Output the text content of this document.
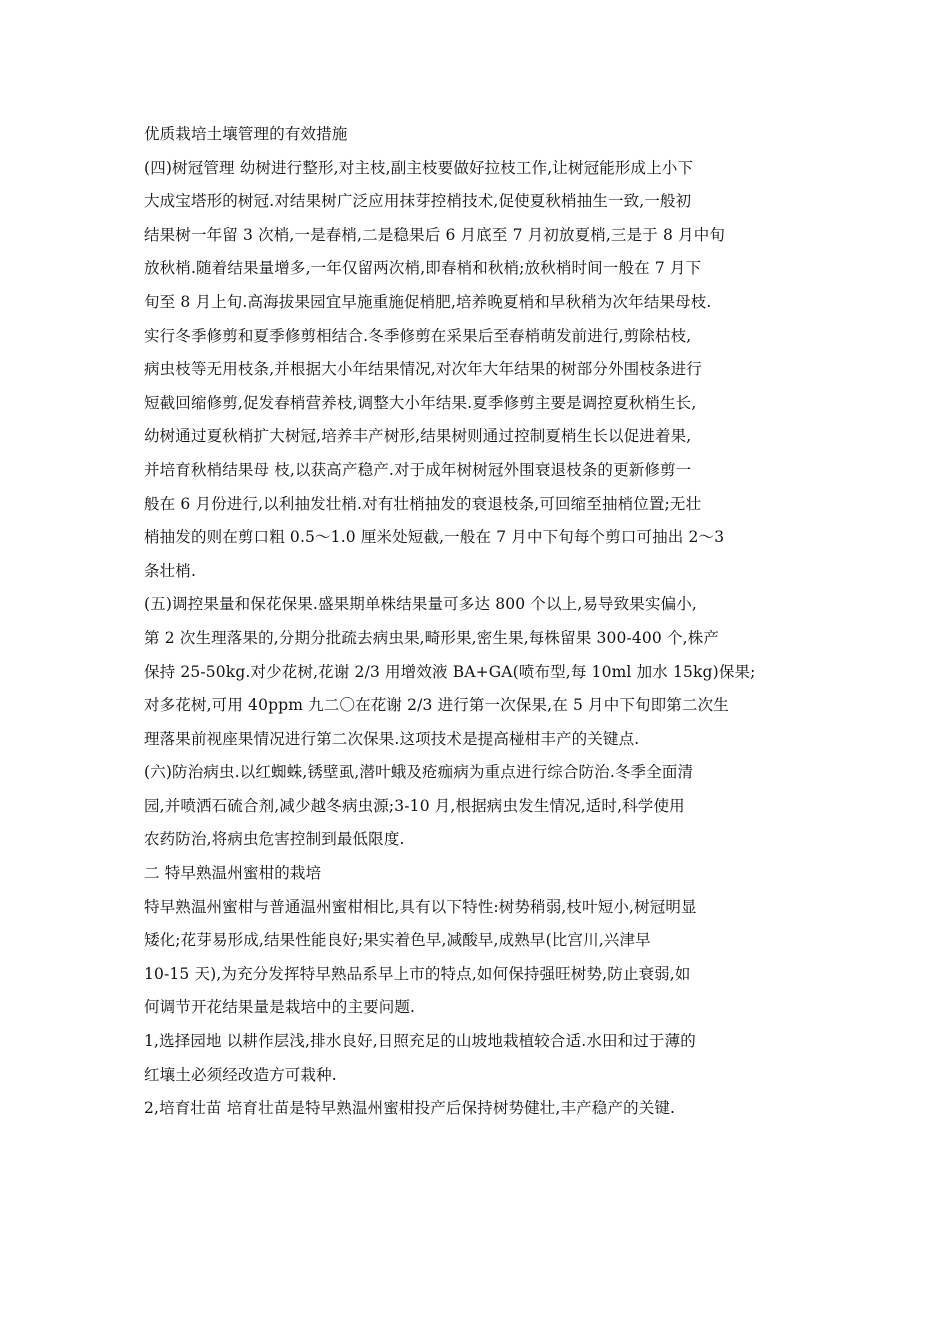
优质栽培土壤管理的有效措施
(四)树冠管理 幼树进行整形,对主枝,副主枝要做好拉枝工作,让树冠能形成上小下
大成宝塔形的树冠.对结果树广泛应用抹芽控梢技术,促使夏秋梢抽生一致,一般初
结果树一年留 3 次梢,一是春梢,二是稳果后 6 月底至 7 月初放夏梢,三是于 8 月中旬
放秋梢.随着结果量增多,一年仅留两次梢,即春梢和秋梢;放秋梢时间一般在 7 月下
旬至 8 月上旬.高海拔果园宜早施重施促梢肥,培养晚夏梢和早秋稍为次年结果母枝.
实行冬季修剪和夏季修剪相结合.冬季修剪在采果后至春梢萌发前进行,剪除枯枝,
病虫枝等无用枝条,并根据大小年结果情况,对次年大年结果的树部分外围枝条进行
短截回缩修剪,促发春梢营养枝,调整大小年结果.夏季修剪主要是调控夏秋梢生长,
幼树通过夏秋梢扩大树冠,培养丰产树形,结果树则通过控制夏梢生长以促进着果,
并培育秋梢结果母 枝,以获高产稳产.对于成年树树冠外围衰退枝条的更新修剪一
般在 6 月份进行,以利抽发壮梢.对有壮梢抽发的衰退枝条,可回缩至抽梢位置;无壮
梢抽发的则在剪口粗 0.5～1.0 厘米处短截,一般在 7 月中下旬每个剪口可抽出 2～3
条壮梢.
(五)调控果量和保花保果.盛果期单株结果量可多达 800 个以上,易导致果实偏小,
第 2 次生理落果的,分期分批疏去病虫果,畸形果,密生果,每株留果 300-400 个,株产
保持 25-50kg.对少花树,花谢 2/3 用增效液 BA+GA(喷布型,每 10ml 加水 15kg)保果;
对多花树,可用 40ppm 九二〇在花谢 2/3 进行第一次保果,在 5 月中下旬即第二次生
理落果前视座果情况进行第二次保果.这项技术是提高椪柑丰产的关键点.
(六)防治病虫.以红蜘蛛,锈壁虱,潜叶蛾及疮痂病为重点进行综合防治.冬季全面清
园,并喷洒石硫合剂,减少越冬病虫源;3-10 月,根据病虫发生情况,适时,科学使用
农药防治,将病虫危害控制到最低限度.
二 特早熟温州蜜柑的栽培
特早熟温州蜜柑与普通温州蜜柑相比,具有以下特性:树势稍弱,枝叶短小,树冠明显
矮化;花芽易形成,结果性能良好;果实着色早,减酸早,成熟早(比宫川,兴津早
10-15 天),为充分发挥特早熟品系早上市的特点,如何保持强旺树势,防止衰弱,如
何调节开花结果量是栽培中的主要问题.
1,选择园地 以耕作层浅,排水良好,日照充足的山坡地栽植较合适.水田和过于薄的
红壤土必须经改造方可栽种.
2,培育壮苗 培育壮苗是特早熟温州蜜柑投产后保持树势健壮,丰产稳产的关键.
